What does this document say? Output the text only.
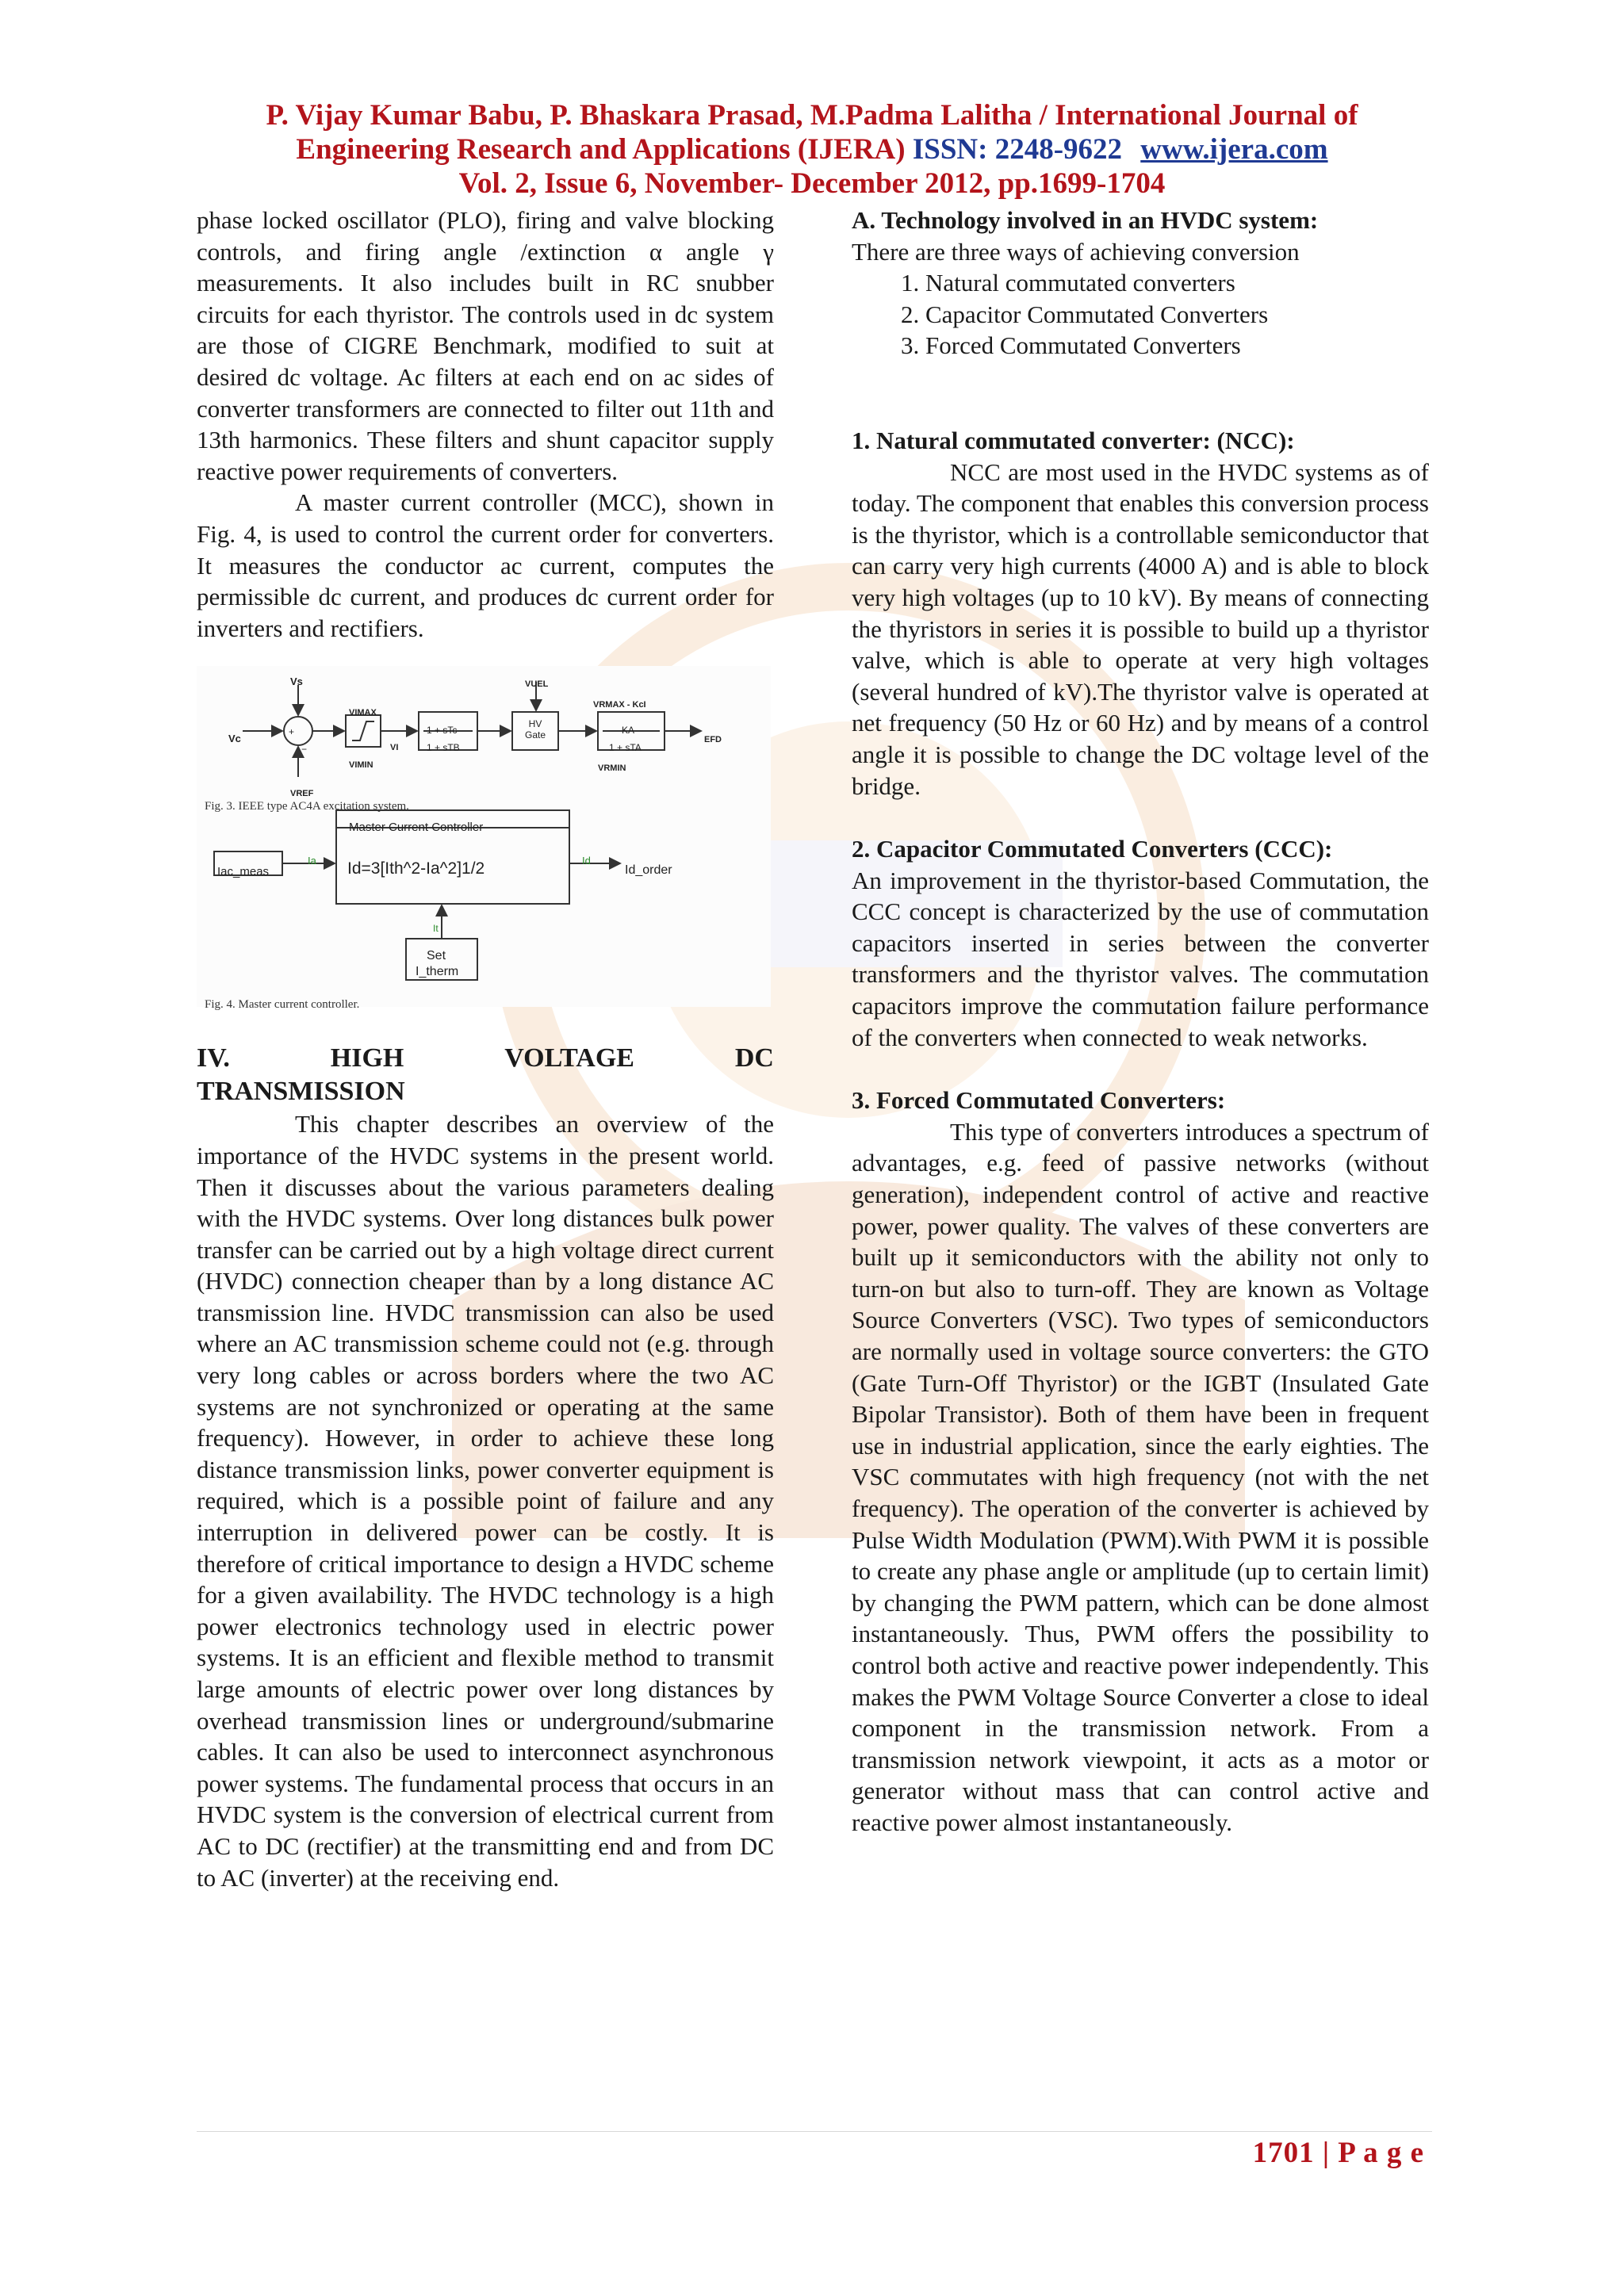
P. Vijay Kumar Babu, P. Bhaskara Prasad, M.Padma Lalitha / International Journal of
Engineering Research and Applications (IJERA) ISSN: 2248-9622 www.ijera.com
Vol. 2, Issue 6, November- December 2012, pp.1699-1704

phase locked oscillator (PLO), firing and valve blocking controls, and firing angle /extinction α angle γ measurements. It also includes built in RC snubber circuits for each thyristor. The controls used in dc system are those of CIGRE Benchmark, modified to suit at desired dc voltage. Ac filters at each end on ac sides of converter transformers are connected to filter out 11th and 13th harmonics. These filters and shunt capacitor supply reactive power requirements of converters.

A master current controller (MCC), shown in Fig. 4, is used to control the current order for converters. It measures the conductor ac current, computes the permissible dc current, and produces dc current order for inverters and rectifiers.

Vs
Vc
VREF
+
−
VIMAX
VIMIN
VI
1 + sTc
1 + sTB
VUEL
HV Gate
VRMAX - KcI
KA
1 + sTA
VRMIN
EFD
Fig. 3. IEEE type AC4A excitation system.
Master Current Controller
Id=3[Ith^2-Ia^2]1/2
Iac_meas
Ia	Id
Id_order
It
Set
I_therm
Fig. 4. Master current controller.
IV.	HIGH	VOLTAGE	DC
TRANSMISSION

This chapter describes an overview of the importance of the HVDC systems in the present world. Then it discusses about the various parameters dealing with the HVDC systems. Over long distances bulk power transfer can be carried out by a high voltage direct current (HVDC) connection cheaper than by a long distance AC transmission line. HVDC transmission can also be used where an AC transmission scheme could not (e.g. through very long cables or across borders where the two AC systems are not synchronized or operating at the same frequency). However, in order to achieve these long distance transmission links, power converter equipment is required, which is a possible point of failure and any interruption in delivered power can be costly. It is therefore of critical importance to design a HVDC scheme for a given availability. The HVDC technology is a high power electronics technology used in electric power systems. It is an efficient and flexible method to transmit large amounts of electric power over long distances by overhead transmission lines or underground/submarine cables. It can also be used to interconnect asynchronous power systems. The fundamental process that occurs in an HVDC system is the conversion of electrical current from AC to DC (rectifier) at the transmitting end and from DC to AC (inverter) at the receiving end.

A. Technology involved in an HVDC system:

There are three ways of achieving conversion

1. Natural commutated converters
2. Capacitor Commutated Converters
3. Forced Commutated Converters

1. Natural commutated converter: (NCC):

NCC are most used in the HVDC systems as of today. The component that enables this conversion process is the thyristor, which is a controllable semiconductor that can carry very high currents (4000 A) and is able to block very high voltages (up to 10 kV). By means of connecting the thyristors in series it is possible to build up a thyristor valve, which is able to operate at very high voltages (several hundred of kV).The thyristor valve is operated at net frequency (50 Hz or 60 Hz) and by means of a control angle it is possible to change the DC voltage level of the bridge.

2. Capacitor Commutated Converters (CCC):

An improvement in the thyristor-based Commutation, the CCC concept is characterized by the use of commutation capacitors inserted in series between the converter transformers and the thyristor valves. The commutation capacitors improve the commutation failure performance of the converters when connected to weak networks.

3. Forced Commutated Converters:

This type of converters introduces a spectrum of advantages, e.g. feed of passive networks (without generation), independent control of active and reactive power, power quality. The valves of these converters are built up it semiconductors with the ability not only to turn-on but also to turn-off. They are known as Voltage Source Converters (VSC). Two types of semiconductors are normally used in voltage source converters: the GTO (Gate Turn-Off Thyristor) or the IGBT (Insulated Gate Bipolar Transistor). Both of them have been in frequent use in industrial application, since the early eighties. The VSC commutates with high frequency (not with the net frequency). The operation of the converter is achieved by Pulse Width Modulation (PWM).With PWM it is possible to create any phase angle or amplitude (up to certain limit) by changing the PWM pattern, which can be done almost instantaneously. Thus, PWM offers the possibility to control both active and reactive power independently. This makes the PWM Voltage Source Converter a close to ideal component in the transmission network. From a transmission network viewpoint, it acts as a motor or generator without mass that can control active and reactive power almost instantaneously.

1701 | P a g e
